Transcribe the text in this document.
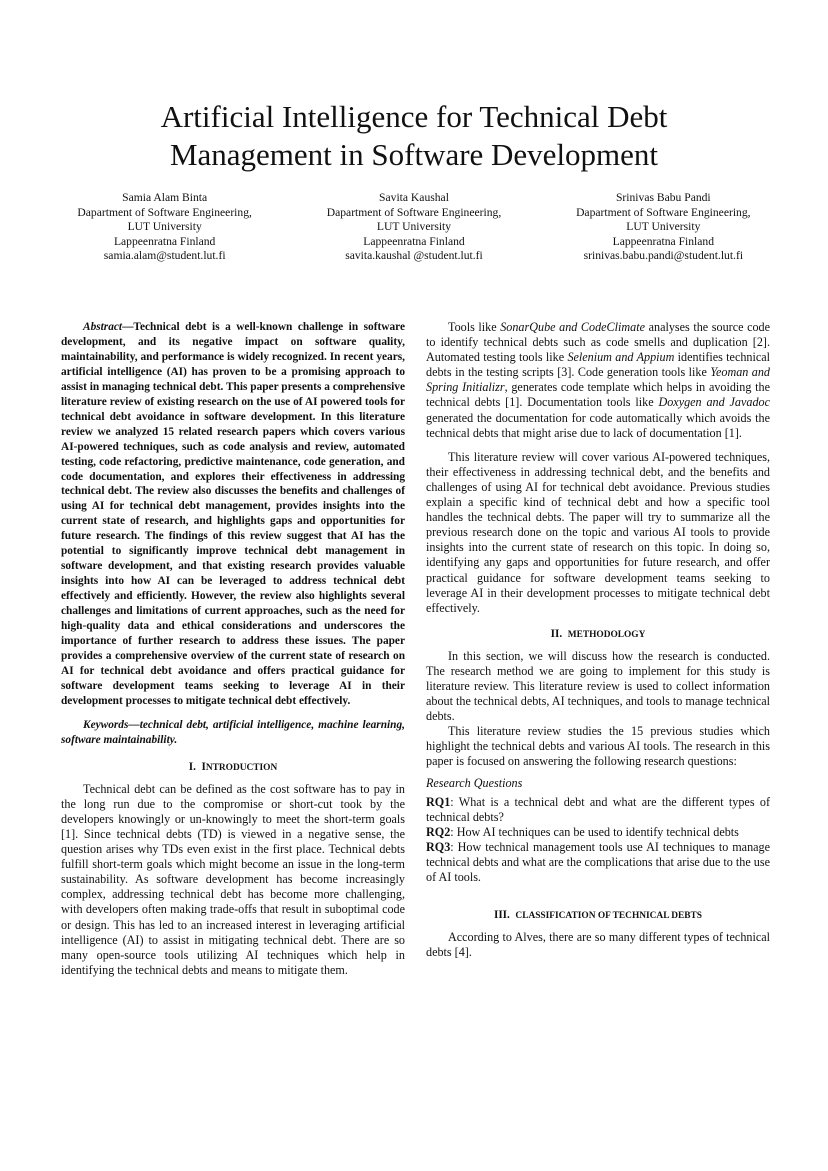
Artificial Intelligence for Technical Debt
Management in Software Development
Samia Alam Binta
Dapartment of Software Engineering,
LUT University
Lappeenratna Finland
samia.alam@student.lut.fi
Savita Kaushal
Dapartment of Software Engineering,
LUT University
Lappeenratna Finland
savita.kaushal @student.lut.fi
Srinivas Babu Pandi
Dapartment of Software Engineering,
LUT University
Lappeenratna Finland
srinivas.babu.pandi@student.lut.fi

Abstract—Technical debt is a well-known challenge in software development, and its negative impact on software quality, maintainability, and performance is widely recognized. In recent years, artificial intelligence (AI) has proven to be a promising approach to assist in managing technical debt. This paper presents a comprehensive literature review of existing research on the use of AI powered tools for technical debt avoidance in software development. In this literature review we analyzed 15 related research papers which covers various AI-powered techniques, such as code analysis and review, automated testing, code refactoring, predictive maintenance, code generation, and code documentation, and explores their effectiveness in addressing technical debt. The review also discusses the benefits and challenges of using AI for technical debt management, provides insights into the current state of research, and highlights gaps and opportunities for future research. The findings of this review suggest that AI has the potential to significantly improve technical debt management in software development, and that existing research provides valuable insights into how AI can be leveraged to address technical debt effectively and efficiently. However, the review also highlights several challenges and limitations of current approaches, such as the need for high-quality data and ethical considerations and underscores the importance of further research to address these issues. The paper provides a comprehensive overview of the current state of research on AI for technical debt avoidance and offers practical guidance for software development teams seeking to leverage AI in their development processes to mitigate technical debt effectively.

Keywords—technical debt, artificial intelligence, machine learning, software maintainability.

I. INTRODUCTION

Technical debt can be defined as the cost software has to pay in the long run due to the compromise or short-cut took by the developers knowingly or un-knowingly to meet the short-term goals [1]. Since technical debts (TD) is viewed in a negative sense, the question arises why TDs even exist in the first place. Technical debts fulfill short-term goals which might become an issue in the long-term sustainability. As software development has become increasingly complex, addressing technical debt has become more challenging, with developers often making trade-offs that result in suboptimal code or design. This has led to an increased interest in leveraging artificial intelligence (AI) to assist in mitigating technical debt. There are so many open-source tools utilizing AI techniques which help in identifying the technical debts and means to mitigate them.

Tools like SonarQube and CodeClimate analyses the source code to identify technical debts such as code smells and duplication [2]. Automated testing tools like Selenium and Appium identifies technical debts in the testing scripts [3]. Code generation tools like Yeoman and Spring Initializr, generates code template which helps in avoiding the technical debts [1]. Documentation tools like Doxygen and Javadoc generated the documentation for code automatically which avoids the technical debts that might arise due to lack of documentation [1].

This literature review will cover various AI-powered techniques, their effectiveness in addressing technical debt, and the benefits and challenges of using AI for technical debt avoidance. Previous studies explain a specific kind of technical debt and how a specific tool handles the technical debts. The paper will try to summarize all the previous research done on the topic and various AI tools to provide insights into the current state of research on this topic. In doing so, identifying any gaps and opportunities for future research, and offer practical guidance for software development teams seeking to leverage AI in their development processes to mitigate technical debt effectively.

II. METHODOLOGY

In this section, we will discuss how the research is conducted. The research method we are going to implement for this study is literature review. This literature review is used to collect information about the technical debts, AI techniques, and tools to manage technical debts.

This literature review studies the 15 previous studies which highlight the technical debts and various AI tools. The research in this paper is focused on answering the following research questions:

Research Questions

RQ1: What is a technical debt and what are the different types of technical debts?

RQ2: How AI techniques can be used to identify technical debts

RQ3: How technical management tools use AI techniques to manage technical debts and what are the complications that arise due to the use of AI tools.

III. CLASSIFICATION OF TECHNICAL DEBTS

According to Alves, there are so many different types of technical debts [4].
